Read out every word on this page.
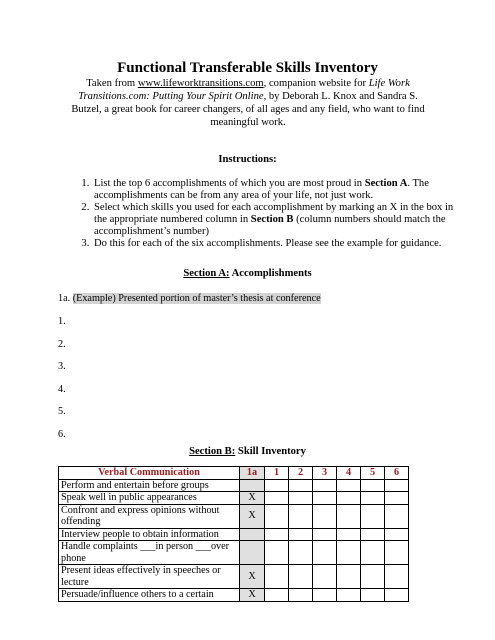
Functional Transferable Skills Inventory
Taken from www.lifeworktransitions.com, companion website for Life Work Transitions.com: Putting Your Spirit Online, by Deborah L. Knox and Sandra S. Butzel, a great book for career changers, of all ages and any field, who want to find meaningful work.
Instructions:
1. List the top 6 accomplishments of which you are most proud in Section A. The accomplishments can be from any area of your life, not just work.
2. Select which skills you used for each accomplishment by marking an X in the box in the appropriate numbered column in Section B (column numbers should match the accomplishment’s number)
3. Do this for each of the six accomplishments. Please see the example for guidance.
Section A: Accomplishments
1a. (Example) Presented portion of master’s thesis at conference
1.
2.
3.
4.
5.
6.
Section B: Skill Inventory
Verbal Communication	1a	1	2	3	4	5	6
Perform and entertain before groups							
Speak well in public appearances	X						
Confront and express opinions without offending	X						
Interview people to obtain information							
Handle complaints ___in person ___over phone							
Present ideas effectively in speeches or lecture	X						
Persuade/influence others to a certain	X						
